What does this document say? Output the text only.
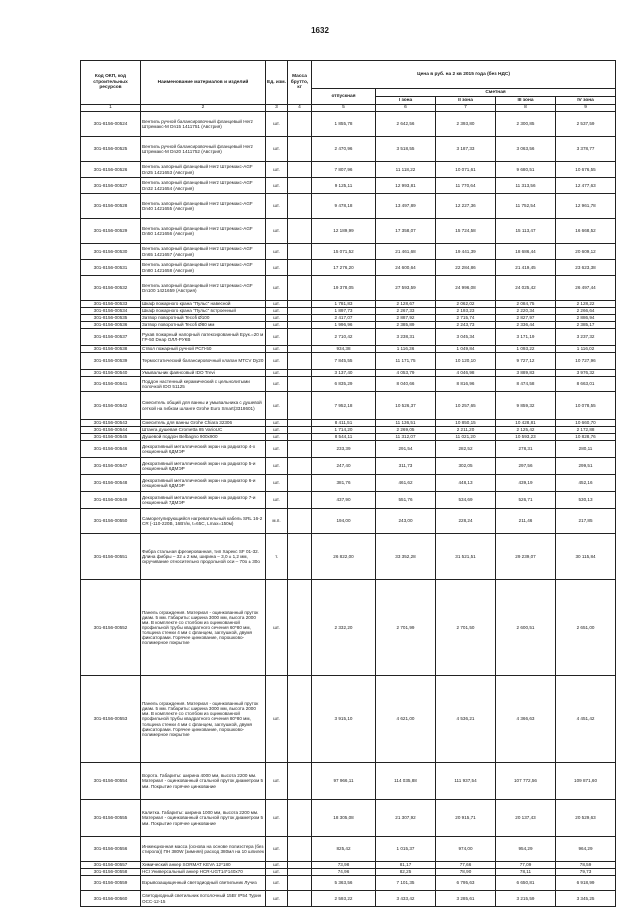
1632
Код ОКП, код строительных ресурсов	Наименование материалов и изделий	Ед. изм.	Масса брутто, кг	Цена в руб. на 2 кв 2015 года (без НДС)				
				отпускная	Сметная			
					I зона	II зона	III зона	IV зона
1	2	3	4	5	6	7	8	9
301-8156-00524	Вентиль ручной балансировочный фланцевый Herz Штремакс-М Dn15 1411751 (Австрия)	шт.		1 855,78	2 642,56	2 393,80	2 300,85	2 537,59
301-8156-00525	Вентиль ручной балансировочный фланцевый Herz Штремакс-М Dn20 1411752 (Австрия)	шт.		2 470,96	3 518,55	3 187,33	3 063,56	3 378,77
301-8156-00526	Вентиль запорный фланцевый Herz Штремакс-AGF Dn25 1421653 (Австрия)	шт.		7 807,96	11 118,22	10 071,61	9 680,51	10 676,55
301-8156-00527	Вентиль запорный фланцевый Herz Штремакс-AGF Dn32 1421654 (Австрия)	шт.		9 125,11	12 993,81	11 770,64	11 313,56	12 477,63
301-8156-00528	Вентиль запорный фланцевый Herz Штремакс-AGF Dn40 1421655 (Австрия)	шт.		9 478,18	13 497,89	12 227,36	11 752,54	12 961,78
301-8156-00529	Вентиль запорный фланцевый Herz Штремакс-AGF Dn50 1421656 (Австрия)	шт.		12 189,99	17 358,07	15 724,58	15 113,47	16 668,52
301-8156-00530	Вентиль запорный фланцевый Herz Штремакс-AGF Dn65 1421657 (Австрия)	шт.		15 071,52	21 461,68	19 441,39	18 686,44	20 609,12
301-8156-00531	Вентиль запорный фланцевый Herz Штремакс-AGF Dn80 1421658 (Австрия)	шт.		17 276,20	24 600,64	22 284,86	21 419,45	23 623,38
301-8156-00532	Вентиль запорный фланцевый Herz Штремакс-AGF Dn100 1421659 (Австрия)	шт.		19 378,05	27 593,59	24 996,08	24 025,42	26 497,44
301-8156-00533	Шкаф пожарного крана "Пульс" навесной	шт.		1 781,83	2 128,67	2 062,02	2 084,75	2 128,22
301-8156-00534	Шкаф пожарного крана "Пульс" встроенный	шт.		1 897,73	2 267,33	2 193,23	2 220,34	2 266,64
301-8156-00535	Затвор поворотный Tecofi Ø100	шт.		2 417,07	2 887,92	2 715,74	2 827,97	2 886,94
301-8156-00536	Затвор поворотный Tecofi Ø80 мм	шт.		1 996,96	2 385,89	2 243,73	2 336,44	2 385,17
301-8156-00537	Рукав пожарный напорный латексированный Ерук.=20 м ГР-50 Dнар ОЛЛ-РУКВ	шт.		2 710,42	3 238,31	3 045,34	3 171,19	3 237,32
301-8156-00538	Ствол пожарный ручной РСП-50	шт.		934,38	1 116,36	1 049,84	1 093,22	1 116,02
301-8156-00539	Термостатический балансировочный клапан MTCV Dy20	шт.		7 845,55	11 171,75	10 120,10	9 727,12	10 727,96
301-8156-00540	Умывальник фаянсовый IDO Trevi	шт.		3 137,40	4 053,79	4 046,98	3 889,83	3 976,32
301-8156-00541	Поддон настенный керамический с цельнолитыми полочкой IDO 51125	шт.		6 835,29	8 040,66	8 816,96	8 474,58	8 663,01
301-8156-00542	Смеситель общий для ванны и умывальника с душевой сеткой на гибком шланге Grohe Euro Smart(3318601)	шт.		7 952,18	10 526,37	10 257,65	9 859,32	10 078,55
301-8156-00543	Смеситель для ванны Grohe Chiara 32306	шт.		8 411,51	11 136,51	10 850,15	10 428,81	10 660,70
301-8156-00544	Штанга душевая Crometta 85 VarioUC	шт.		1 714,20	2 269,05	2 211,20	2 125,42	2 172,88
301-8156-00545	Душевой поддон Belbagno 900х900	шт.		8 544,11	11 312,07	11 021,20	10 593,23	10 828,76
301-8156-00546	Декоративный металлический экран на радиатор 4-х секционный 6ДМЭР	шт.		233,39	291,54	282,52	278,31	280,11
301-8156-00547	Декоративный металлический экран на радиатор 5-и секционный 6ДМЭР	шт.		247,40	311,73	302,05	297,56	299,51
301-8156-00548	Декоративный металлический экран на радиатор 6-и секционный 6ДМЭР	шт.		381,76	461,62	448,13	439,19	452,16
301-8156-00549	Декоративный металлический экран на радиатор 7-и секционный 7ДМЭР	шт.		437,90	551,76	534,69	526,71	530,13
301-8156-00550	Саморегулирующийся нагревательный кабель SRL 16-2 CR (-110-220В, 16Вт/м, t=65С, Lmax=150м)	м.п.		194,00	243,00	228,24	211,46	217,85
301-8156-00551	Фибра стальная фрезерованная, тип Харекс SF 01-32. Длина фибры – 32 ± 2 мм, ширина – 3,0 ± 1,2 мм, скручивание относительно продольной оси – 70о ± 30о	т.		26 822,00	33 352,28	31 521,51	29 239,07	30 115,84
301-8156-00552	Панель ограждения. Материал - оцинкованный пруток диам. 5 мм. Габариты: ширина 3000 мм, высота 2000 мм. В комплекте со столбом из оцинкованной профильной трубы квадратного сечения 60*80 мм, толщина стенки 4 мм с фланцем, заглушкой, двумя фиксаторами. Горячее цинкование, порошково-полимерное покрытие	шт.		2 332,20	2 701,99	2 701,50	2 600,51	2 651,00
301-8156-00553	Панель ограждения. Материал - оцинкованный пруток диам. 5 мм. Габариты: ширина 3000 мм, высота 2000 мм. В комплекте со столбом из оцинкованной профильной трубы квадратного сечения 80*80 мм, толщина стенки 4 мм с фланцем, заглушкой, двумя фиксаторами. Горячее цинкование, порошково-полимерное покрытие	шт.		3 915,10	4 621,00	4 536,21	4 366,63	4 451,42
301-8156-00554	Ворота. Габариты: ширина 4000 мм, высота 2200 мм. Материал - оцинкованный стальной пруток диаметром 5 мм. Покрытие горячее цинкование	шт.		97 966,11	114 035,88	111 937,54	107 772,56	109 871,60
301-8156-00555	Калитка. Габариты: ширина 1000 мм, высота 2200 мм. Материал - оцинкованный стальной пруток диаметром 5 мм. Покрытие горячее цинкование	шт.		18 305,08	21 307,92	20 915,71	20 137,43	20 529,63
301-8156-00556	Инжекционная масса (основа на основе полиэстера (без стирола)) ПН 380W (зимняя) расход 380мл на 10 шпилек	шт.		825,42	1 015,37	974,00	954,29	964,29
301-8156-00557	Химический анкер SORMAT KEVA 12*180	шт.		73,98	81,17	77,66	77,09	78,59
301-8156-00558	HCI Универсальный анкер HCR-UGT14*140х70	шт.		74,96	82,25	78,90	78,11	79,73
301-8156-00559	Взрывозащищенный светодиодный светильник Лучиз	шт.		5 363,56	7 101,35	6 795,63	6 650,81	6 918,99
301-8156-00560	Светодиодный светильник потолочный 15Вт IP54 Турин ОСС-12-15	шт.		2 593,22	3 433,42	3 285,61	3 215,59	3 345,25
